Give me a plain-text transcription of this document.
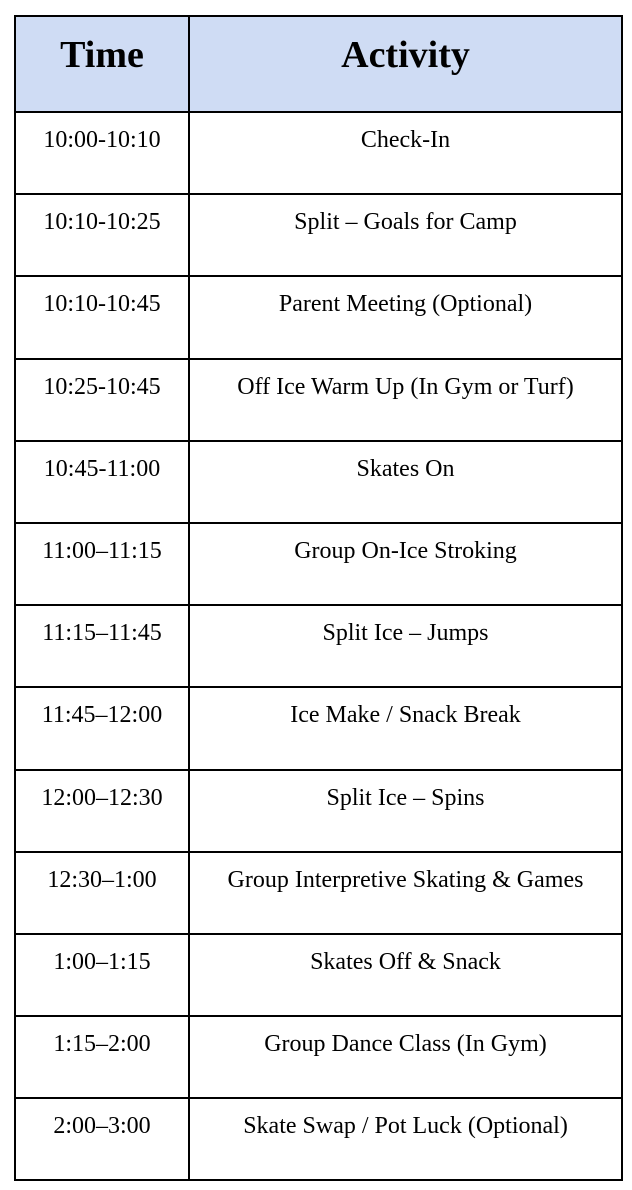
Time	Activity
10:00-10:10	Check-In
10:10-10:25	Split – Goals for Camp
10:10-10:45	Parent Meeting (Optional)
10:25-10:45	Off Ice Warm Up (In Gym or Turf)
10:45-11:00	Skates On
11:00–11:15	Group On-Ice Stroking
11:15–11:45	Split Ice – Jumps
11:45–12:00	Ice Make / Snack Break
12:00–12:30	Split Ice – Spins
12:30–1:00	Group Interpretive Skating & Games
1:00–1:15	Skates Off & Snack
1:15–2:00	Group Dance Class (In Gym)
2:00–3:00	Skate Swap / Pot Luck (Optional)
